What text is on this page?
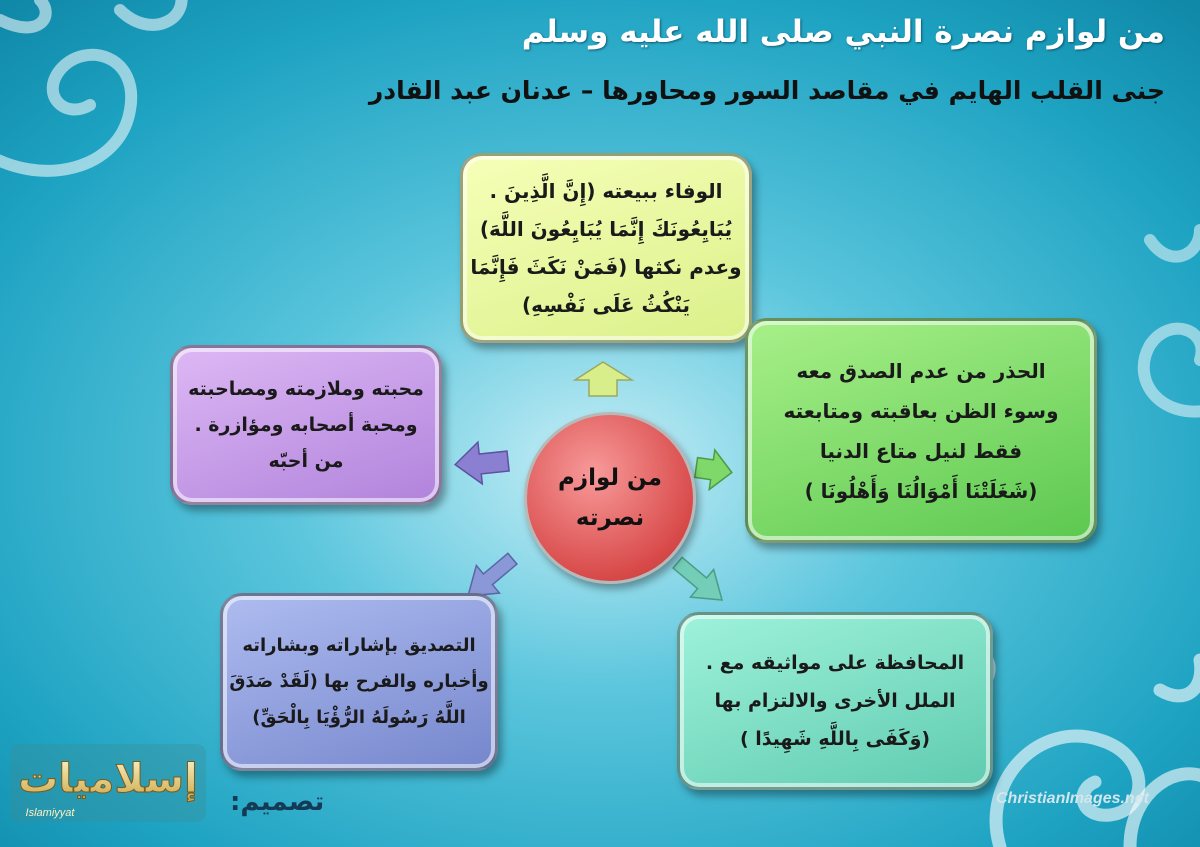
من لوازم نصرة النبي صلى الله عليه وسلم
جنى القلب الهايم في مقاصد السور ومحاورها – عدنان عبد القادر
الوفاء ببيعته (إِنَّ الَّذِينَ .
يُبَايِعُونَكَ إِنَّمَا يُبَايِعُونَ اللَّهَ)
وعدم نكثها (فَمَنْ نَكَثَ فَإِنَّمَا
يَنْكُثُ عَلَى نَفْسِهِ)
الحذر من عدم الصدق معه
وسوء الظن بعاقبته ومتابعته
فقط لنيل متاع الدنيا
(شَغَلَتْنَا أَمْوَالُنَا وَأَهْلُونَا )
محبته وملازمته ومصاحبته
ومحبة أصحابه ومؤازرة .
من أحبّه
التصديق بإشاراته وبشاراته
وأخباره والفرح بها (لَقَدْ صَدَقَ
اللَّهُ رَسُولَهُ الرُّؤْيَا بِالْحَقِّ)
المحافظة على مواثيقه مع .
الملل الأخرى والالتزام بها
(وَكَفَى بِاللَّهِ شَهِيدًا )
من لوازم
نصرته
إسلاميات
Islamiyyat	تصميم:	ChristianImages.net
